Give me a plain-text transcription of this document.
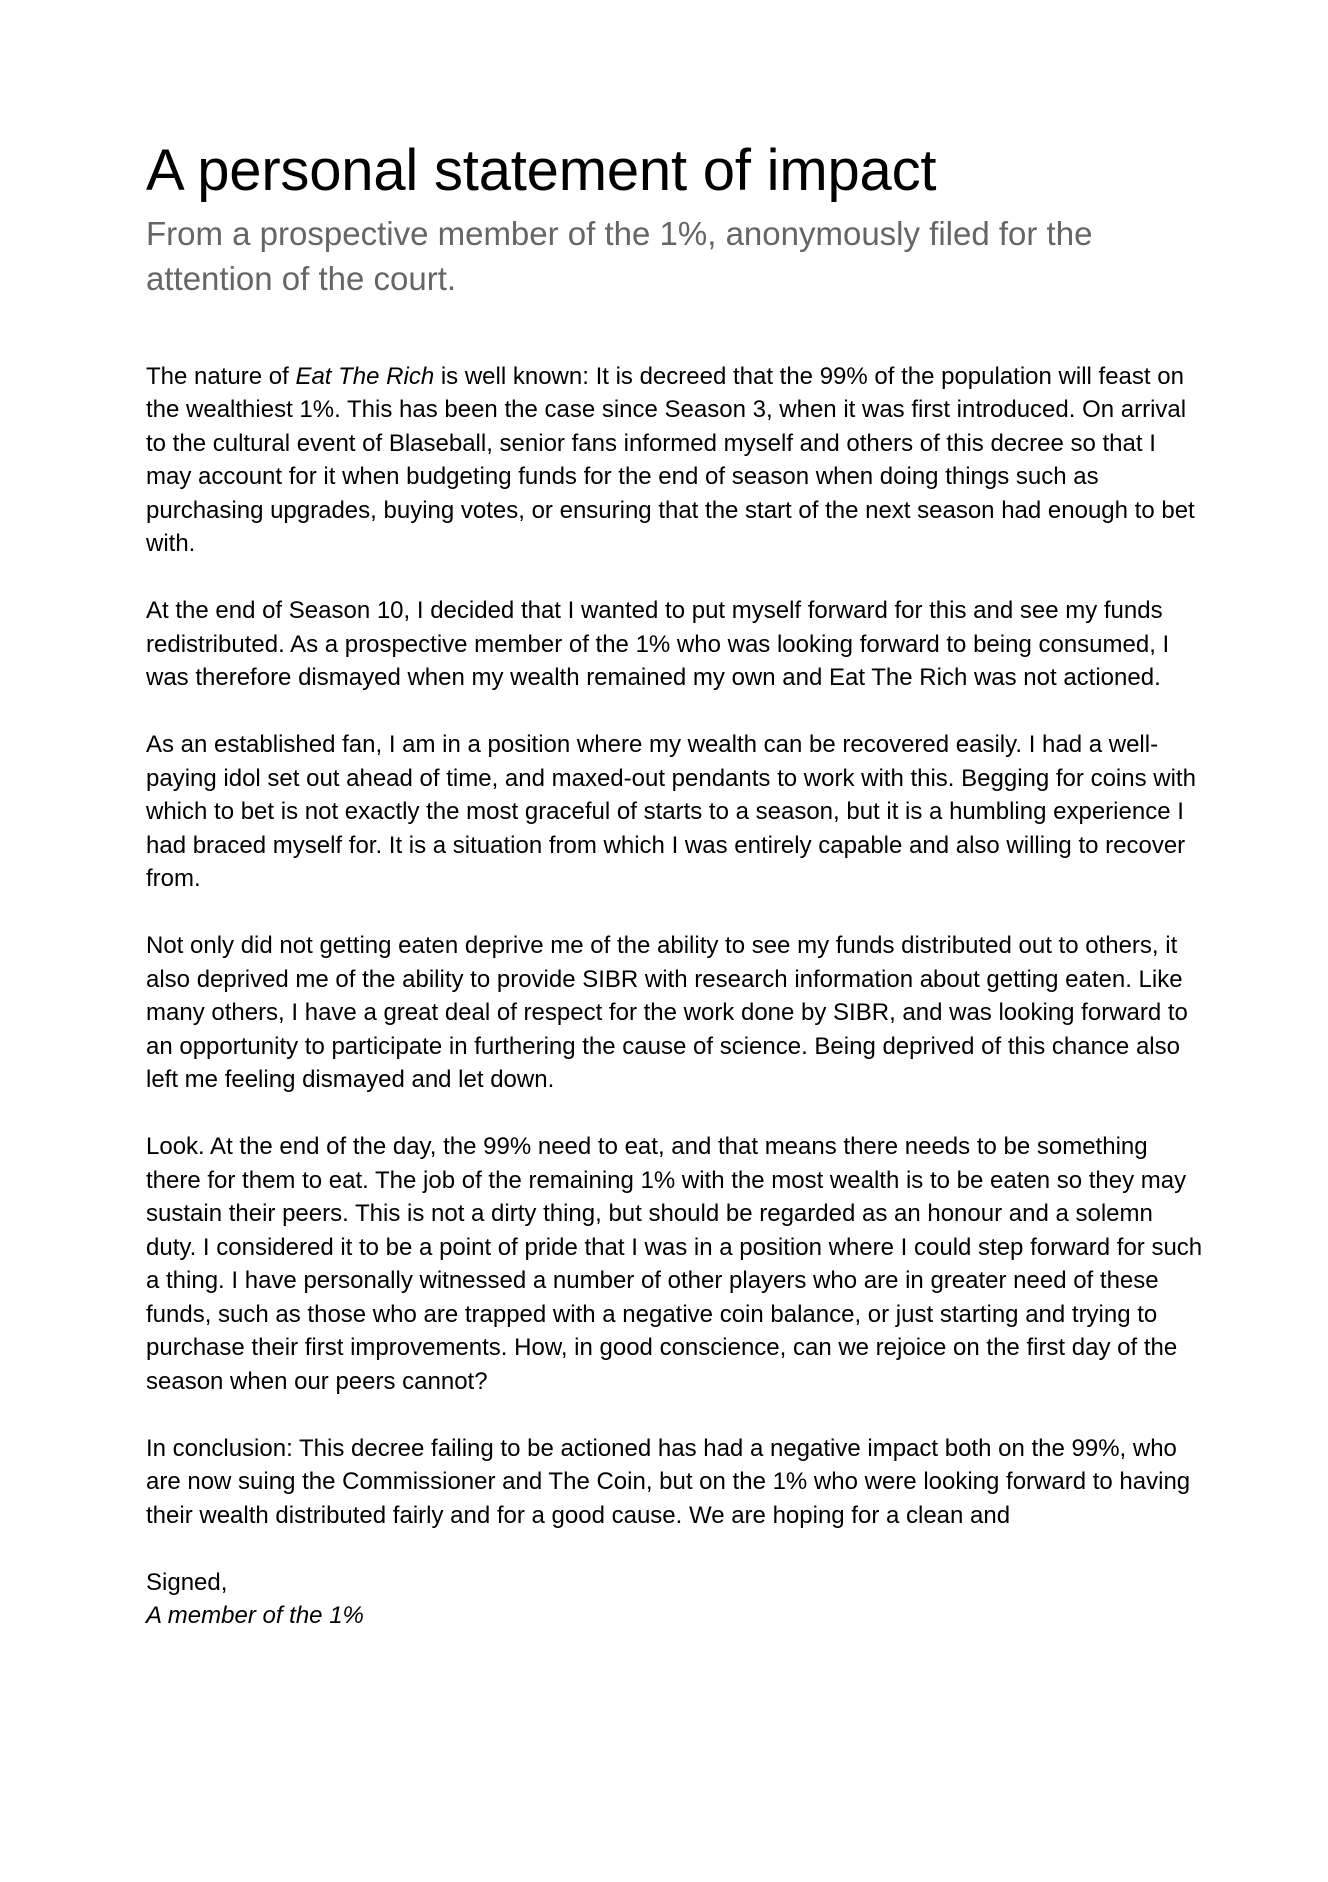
A personal statement of impact

From a prospective member of the 1%, anonymously filed for the attention of the court.

The nature of Eat The Rich is well known: It is decreed that the 99% of the population will feast on the wealthiest 1%. This has been the case since Season 3, when it was first introduced. On arrival to the cultural event of Blaseball, senior fans informed myself and others of this decree so that I may account for it when budgeting funds for the end of season when doing things such as purchasing upgrades, buying votes, or ensuring that the start of the next season had enough to bet with.

At the end of Season 10, I decided that I wanted to put myself forward for this and see my funds redistributed. As a prospective member of the 1% who was looking forward to being consumed, I was therefore dismayed when my wealth remained my own and Eat The Rich was not actioned.

As an established fan, I am in a position where my wealth can be recovered easily. I had a well-paying idol set out ahead of time, and maxed-out pendants to work with this. Begging for coins with which to bet is not exactly the most graceful of starts to a season, but it is a humbling experience I had braced myself for. It is a situation from which I was entirely capable and also willing to recover from.

Not only did not getting eaten deprive me of the ability to see my funds distributed out to others, it also deprived me of the ability to provide SIBR with research information about getting eaten. Like many others, I have a great deal of respect for the work done by SIBR, and was looking forward to an opportunity to participate in furthering the cause of science. Being deprived of this chance also left me feeling dismayed and let down.

Look. At the end of the day, the 99% need to eat, and that means there needs to be something there for them to eat. The job of the remaining 1% with the most wealth is to be eaten so they may sustain their peers. This is not a dirty thing, but should be regarded as an honour and a solemn duty. I considered it to be a point of pride that I was in a position where I could step forward for such a thing. I have personally witnessed a number of other players who are in greater need of these funds, such as those who are trapped with a negative coin balance, or just starting and trying to purchase their first improvements. How, in good conscience, can we rejoice on the first day of the season when our peers cannot?

In conclusion: This decree failing to be actioned has had a negative impact both on the 99%, who are now suing the Commissioner and The Coin, but on the 1% who were looking forward to having their wealth distributed fairly and for a good cause. We are hoping for a clean and

Signed,
A member of the 1%
